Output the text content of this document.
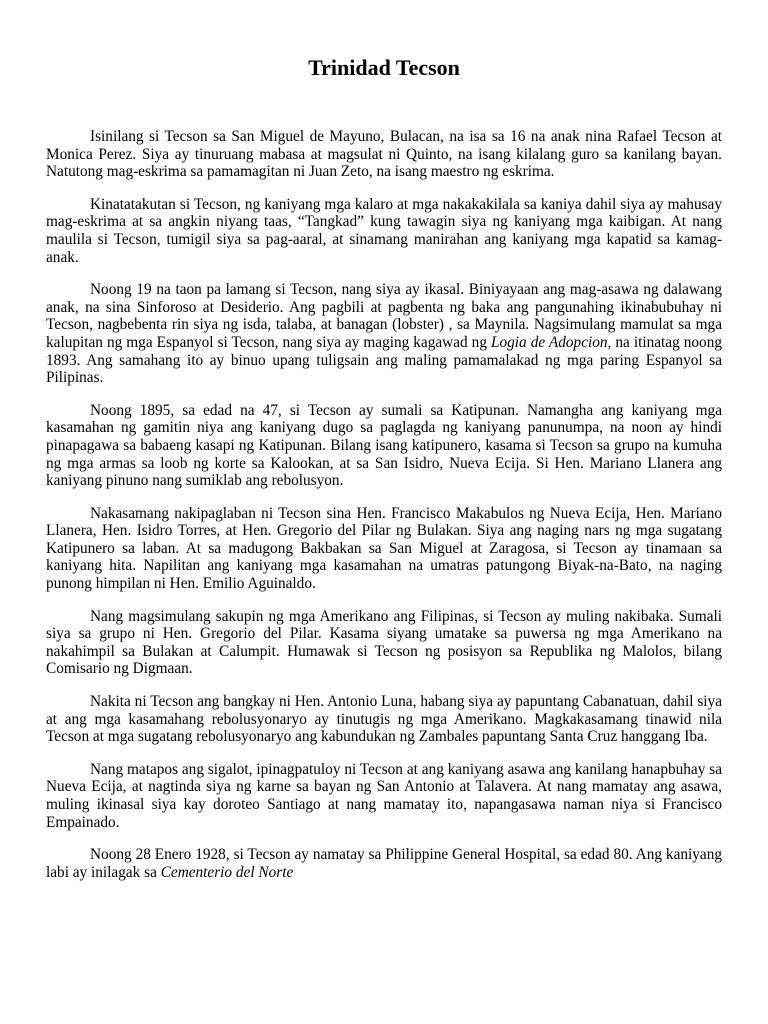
Trinidad Tecson

Isinilang si Tecson sa San Miguel de Mayuno, Bulacan, na isa sa 16 na anak nina Rafael Tecson at Monica Perez. Siya ay tinuruang mabasa at magsulat ni Quinto, na isang kilalang guro sa kanilang bayan. Natutong mag-eskrima sa pamamagitan ni Juan Zeto, na isang maestro ng eskrima.

Kinatatakutan si Tecson, ng kaniyang mga kalaro at mga nakakakilala sa kaniya dahil siya ay mahusay mag-eskrima at sa angkin niyang taas, “Tangkad” kung tawagin siya ng kaniyang mga kaibigan. At nang maulila si Tecson, tumigil siya sa pag-aaral, at sinamang manirahan ang kaniyang mga kapatid sa kamag-anak.

Noong 19 na taon pa lamang si Tecson, nang siya ay ikasal. Biniyayaan ang mag-asawa ng dalawang anak, na sina Sinforoso at Desiderio. Ang pagbili at pagbenta ng baka ang pangunahing ikinabubuhay ni Tecson, nagbebenta rin siya ng isda, talaba, at banagan (lobster) , sa Maynila. Nagsimulang mamulat sa mga kalupitan ng mga Espanyol si Tecson, nang siya ay maging kagawad ng Logia de Adopcion, na itinatag noong 1893. Ang samahang ito ay binuo upang tuligsain ang maling pamamalakad ng mga paring Espanyol sa Pilipinas.

Noong 1895, sa edad na 47, si Tecson ay sumali sa Katipunan. Namangha ang kaniyang mga kasamahan ng gamitin niya ang kaniyang dugo sa paglagda ng kaniyang panunumpa, na noon ay hindi pinapagawa sa babaeng kasapi ng Katipunan. Bilang isang katipunero, kasama si Tecson sa grupo na kumuha ng mga armas sa loob ng korte sa Kalookan, at sa San Isidro, Nueva Ecija. Si Hen. Mariano Llanera ang kaniyang pinuno nang sumiklab ang rebolusyon.

Nakasamang nakipaglaban ni Tecson sina Hen. Francisco Makabulos ng Nueva Ecija, Hen. Mariano Llanera, Hen. Isidro Torres, at Hen. Gregorio del Pilar ng Bulakan. Siya ang naging nars ng mga sugatang Katipunero sa laban. At sa madugong Bakbakan sa San Miguel at Zaragosa, si Tecson ay tinamaan sa kaniyang hita. Napilitan ang kaniyang mga kasamahan na umatras patungong Biyak-na-Bato, na naging punong himpilan ni Hen. Emilio Aguinaldo.

Nang magsimulang sakupin ng mga Amerikano ang Filipinas, si Tecson ay muling nakibaka. Sumali siya sa grupo ni Hen. Gregorio del Pilar. Kasama siyang umatake sa puwersa ng mga Amerikano na nakahimpil sa Bulakan at Calumpit. Humawak si Tecson ng posisyon sa Republika ng Malolos, bilang Comisario ng Digmaan.

Nakita ni Tecson ang bangkay ni Hen. Antonio Luna, habang siya ay papuntang Cabanatuan, dahil siya at ang mga kasamahang rebolusyonaryo ay tinutugis ng mga Amerikano. Magkakasamang tinawid nila Tecson at mga sugatang rebolusyonaryo ang kabundukan ng Zambales papuntang Santa Cruz hanggang Iba.

Nang matapos ang sigalot, ipinagpatuloy ni Tecson at ang kaniyang asawa ang kanilang hanapbuhay sa Nueva Ecija, at nagtinda siya ng karne sa bayan ng San Antonio at Talavera. At nang mamatay ang asawa, muling ikinasal siya kay doroteo Santiago at nang mamatay ito, napangasawa naman niya si Francisco Empainado.

Noong 28 Enero 1928, si Tecson ay namatay sa Philippine General Hospital, sa edad 80. Ang kaniyang labi ay inilagak sa Cementerio del Norte
